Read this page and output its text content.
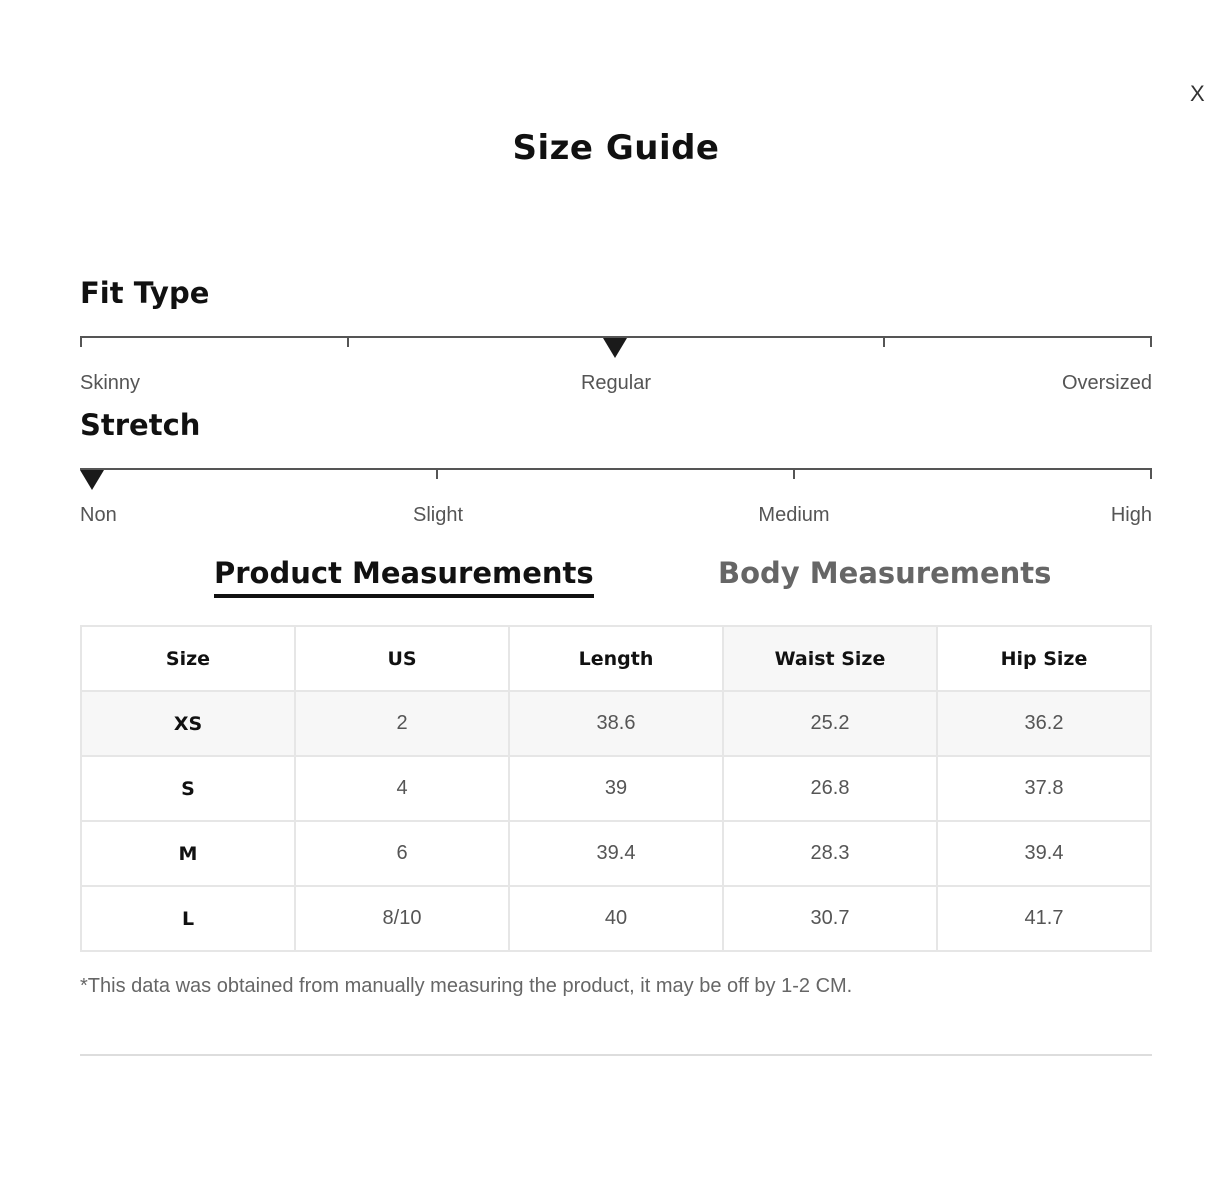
X
Size Guide
Fit Type
Skinny	Regular	Oversized
Stretch
Non	Slight	Medium	High
Product Measurements	Body Measurements
Size	US	Length	Waist Size	Hip Size
XS	2	38.6	25.2	36.2
S	4	39	26.8	37.8
M	6	39.4	28.3	39.4
L	8/10	40	30.7	41.7

*This data was obtained from manually measuring the product, it may be off by 1-2 CM.
